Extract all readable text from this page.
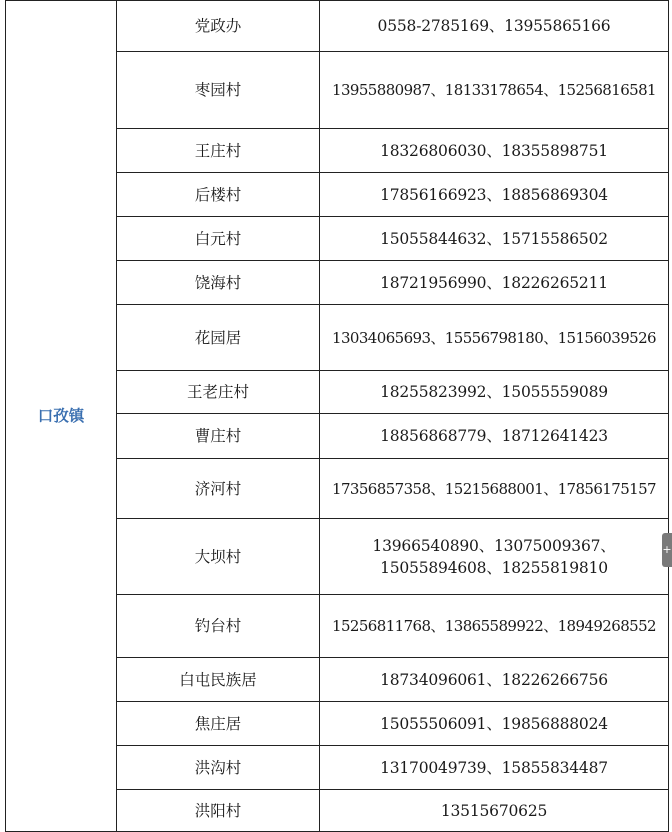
口孜镇	党政办	0558-2785169、13955865166
	枣园村	13955880987、18133178654、15256816581
	王庄村	18326806030、18355898751
	后楼村	17856166923、18856869304
	白元村	15055844632、15715586502
	饶海村	18721956990、18226265211
	花园居	13034065693、15556798180、15156039526
	王老庄村	18255823992、15055559089
	曹庄村	18856868779、18712641423
	济河村	17356857358、15215688001、17856175157
	大坝村	13966540890、13075009367、
15055894608、18255819810

	钓台村	15256811768、13865589922、18949268552
	白屯民族居	18734096061、18226266756
	焦庄居	15055506091、19856888024
	洪沟村	13170049739、15855834487
	洪阳村	13515670625
+
